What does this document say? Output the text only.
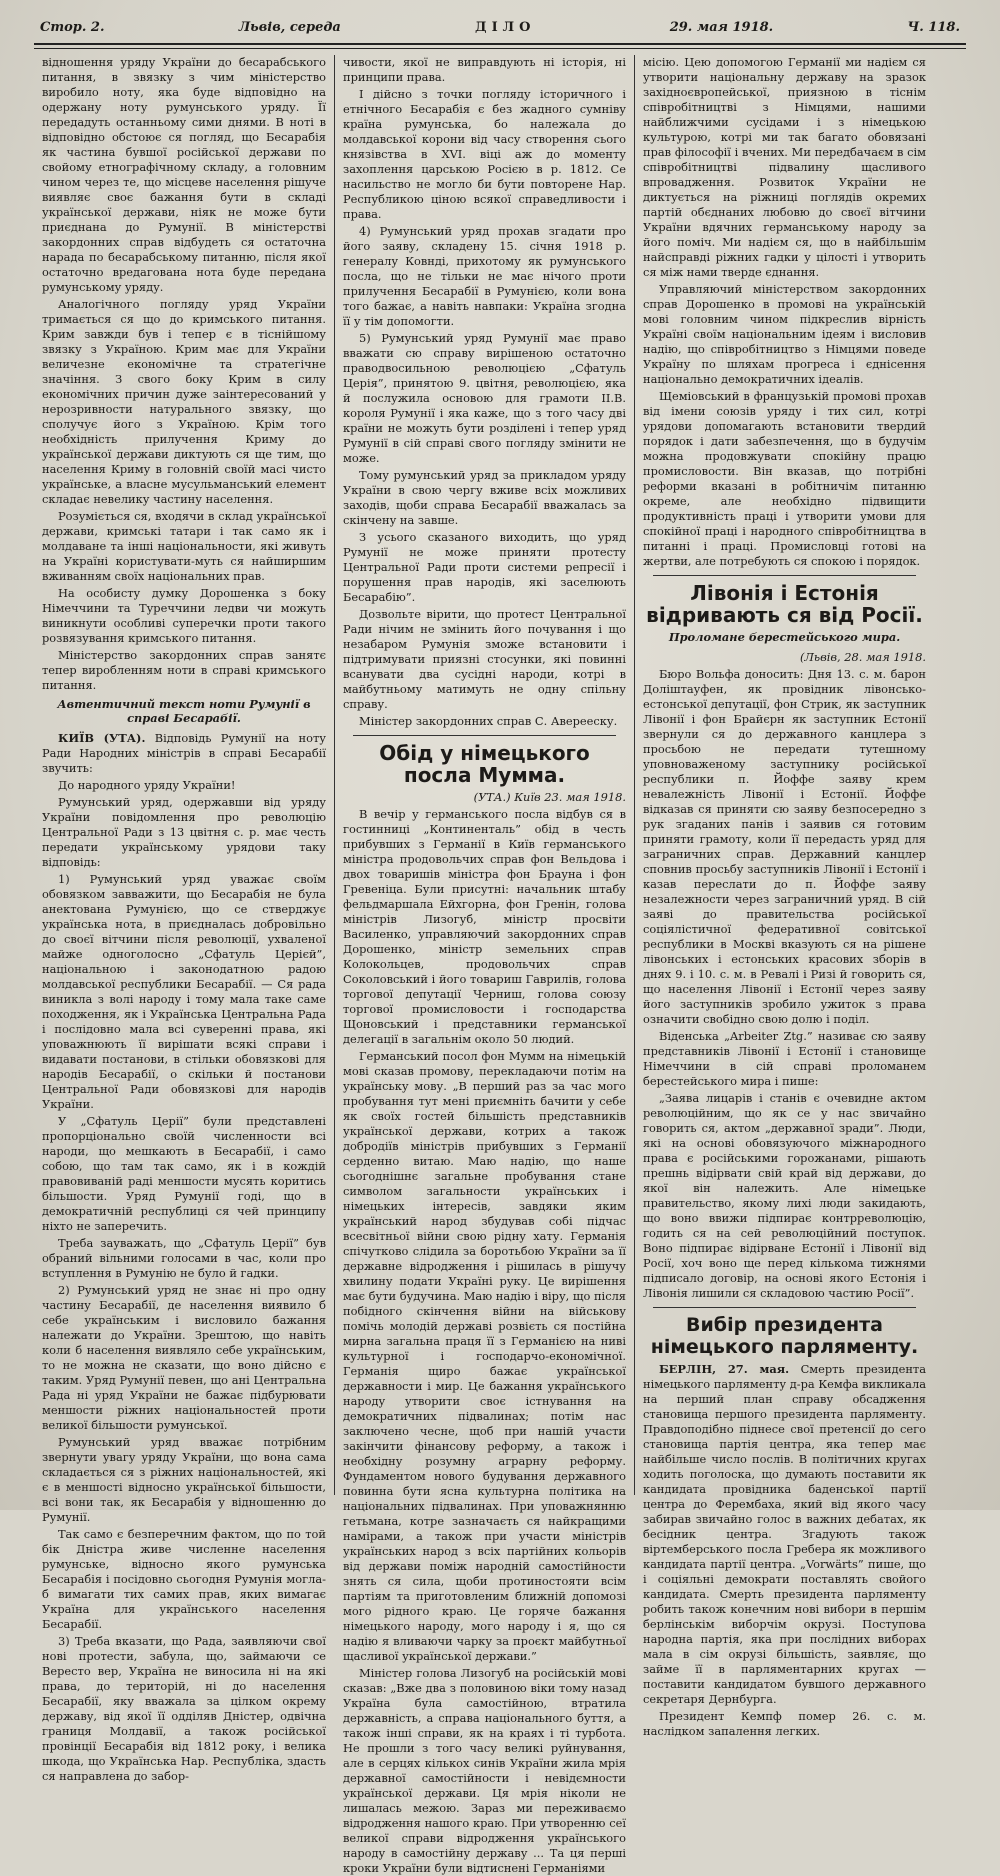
Стор. 2.	Львів, середа	ДІЛО	29. мая 1918.	Ч. 118.

відношення уряду України до бесарабського питання, в звязку з чим міністерство виробило ноту, яка буде відповідно на одержану ноту румунського уряду. Її передадуть останньому сими днями. В ноті в відповідно обстоює ся погляд, що Бесарабія як частина бувшої російської держави по свойому етнографічному складу, а головним чином через те, що місцеве населення рішуче виявляє своє бажання бути в складі української держави, ніяк не може бути приєднана до Румунії. В міністерстві закордонних справ відбудеть ся остаточна нарада по бесарабському питанню, після якої остаточно вредагована нота буде передана румунському уряду.

Аналогічного погляду уряд України тримається ся що до кримського питання. Крим завжди був і тепер є в тіснійшому звязку з Україною. Крим має для України величезне економічне та стратегічне значіння. З свого боку Крим в силу економічних причин дуже заінтересований у нерозривности натурального звязку, що сполучує його з Україною. Крім того необхідність прилучення Криму до української держави диктують ся ще тим, що населення Криму в головній своїй масі чисто українське, а власне мусульманський елемент складає невелику частину населення.

Розуміється ся, входячи в склад української держави, кримські татари і так само як і молдаване та інші національности, які живуть на Україні користувати-муть ся найширшим вживанням своїх національних прав.

На особисту думку Дорошенка з боку Німеччини та Туреччини ледви чи можуть виникнути особливі суперечки проти такого розвязування кримського питання.

Міністерство закордонних справ занятє тепер виробленням ноти в справі кримського питання.

Автентичний текст ноти Румунії в справі Бесарабії.

КИЇВ (УТА). Відповідь Румунії на ноту Ради Народних міністрів в справі Бесарабії звучить:

До народного уряду України!

Румунський уряд, одержавши від уряду України повідомлення про революцію Центральної Ради з 13 цвітня с. р. має честь передати українському урядови таку відповідь:

1) Румунський уряд уважає своїм обовязком завважити, що Бесарабія не була анектована Румунією, що се стверджує українська нота, в приєдналась добровільно до своєї вітчини після революції, ухваленої майже одноголосно „Сфатуль Церієй”, національною і законодатною радою молдавської республики Бесарабії. — Ся рада виникла з волі народу і тому мала таке саме походження, як і Українська Центральна Рада і послідовно мала всі суверенні права, які уповажнюють її вирішати всякі справи і видавати постанови, в стільки обовязкові для народів Бесарабії, о скільки й постанови Центральної Ради обовязкові для народів України.

У „Сфатуль Церії” були представлені пропорціонально своїй численности всі народи, що мешкають в Бесарабії, і само собою, що там так само, як і в кождій правовиваній раді меншости мусять коритись більшости. Уряд Румунії годі, що в демократичній республиці ся чей принципу ніхто не заперечить.

Треба зауважать, що „Сфатуль Церії” був обраний вільними голосами в час, коли про вступлення в Румунію не було й гадки.

2) Румунський уряд не знає ні про одну частину Бесарабії, де населення виявило б себе українським і висловило бажання належати до України. Зрештою, що навіть коли б населення виявляло себе українським, то не можна не сказати, що воно дійсно є таким. Уряд Румунії певен, що ані Центральна Рада ні уряд України не бажає підбурювати меншости ріжних національностей проти великої більшости румунської.

Румунський уряд вважає потрібним звернути увагу уряду України, що вона сама складається ся з ріжних національностей, які є в меншості відносно української більшости, всі вони так, як Бесарабія у відношенню до Румунії.

Так само є безперечним фактом, що по той бік Дністра живе численне населення румунське, відносно якого румунська Бесарабія і посідовно сьогодня Румунія могла-б вимагати тих самих прав, яких вимагає Україна для українського населення Бесарабії.

3) Треба вказати, що Рада, заявляючи свої нові протести, забула, що, займаючи се Вересто вер, Україна не виносила ні на які права, до територій, ні до населення Бесарабії, яку вважала за цілком окрему державу, від якої її одділяв Дністер, одвічна границя Молдавії, а також російської провінції Бесарабія від 1812 року, і велика шкода, що Українська Нар. Республіка, здасть ся направлена до забор-

чивости, якої не виправдують ні історія, ні принципи права.

І дійсно з точки погляду історичного і етнічного Бесарабія є без жадного сумніву країна румунська, бо належала до молдавської корони від часу створення сього князівства в XVI. віці аж до моменту захоплення царською Росією в р. 1812. Се насильство не могло би бути повторене Нар. Республикою ціною всякої справедливости і права.

4) Румунський уряд прохав згадати про його заяву, складену 15. січня 1918 р. генералу Ковнді, прихотому як румунського посла, що не тільки не має нічого проти прилучення Бесарабії в Румунією, коли вона того бажає, а навіть навпаки: Україна згодна її у тім допомогти.

5) Румунський уряд Румунії має право вважати сю справу вирішеною остаточно праводвосильною революцією „Сфатуль Церія”, принятою 9. цвітня, революцією, яка й послужила основою для грамоти ІІ.В. короля Румунії і яка каже, що з того часу дві країни не можуть бути розділені і тепер уряд Румунії в сій справі свого погляду змінити не може.

Тому румунський уряд за прикладом уряду України в свою чергу вживе всіх можливих заходів, щоби справа Бесарабії вважалась за скінчену на завше.

З усього сказаного виходить, що уряд Румунії не може приняти протесту Центральної Ради проти системи репресії і порушення прав народів, які заселюють Бесарабію”.

Дозвольте вірити, що протест Центральної Ради нічим не змінить його почування і що незабаром Румунія зможе встановити і підтримувати приязні стосунки, які повинні всанувати два сусідні народи, котрі в майбутньому матимуть не одну спільну справу.

Міністер закордонних справ С. Аверееску.

Обід у німецького посла Мумма.
(УТА.) Київ 23. мая 1918.

В вечір у германського посла відбув ся в гостинниці „Континенталь” обід в честь прибувших з Германії в Київ германського міністра продовольчих справ фон Вельдова і двох товаришів міністра фон Брауна і фон Гревеніца. Були присутні: начальник штабу фельдмаршала Ейхгорна, фон Гренін, голова міністрів Лизогуб, міністр просвіти Василенко, управляючий закордонних справ Дорошенко, міністр земельних справ Колокольцев, продовольчих справ Соколовський і його товариш Гаврилів, голова торгової депутації Черниш, голова союзу торгової промисловости і господарства Щоновський і представники германської делегації в загальнім около 50 людий.

Германський посол фон Мумм на німецькій мові сказав промову, перекладаючи потім на українську мову. „В перший раз за час мого пробування тут мені приємніть бачити у себе як своїх гостей більшість представників української держави, котрих а також добродіїв міністрів прибувших з Германії серденно витаю. Маю надію, що наше сьогоднішнє загальне пробування стане символом загальности українських і німецьких інтересів, завдяки яким український народ збудував собі підчас всесвітньої війни свою рідну хату. Германія спічутково слідила за боротьбою України за її державне відродження і рішилась в рішучу хвилину подати Україні руку. Це вирішення має бути будучина. Маю надію і віру, що після побідного скінчення війни на військову помічь молодій державі розвієть ся постійна мирна загальна праця її з Германією на ниві культурної і господарчо-економічної. Германія щиро бажає української державности і мир. Це бажання українського народу утворити своє істнування на демократичних підвалинах; потім нас заключено чесне, щоб при нашій участи закінчити фінансову реформу, а також і необхідну розумну аграрну реформу. Фундаментом нового будування державного повинна бути ясна культурна політика на національних підвалинах. При уповажнянню гетьмана, котре зазначаєть ся найкращими намірами, а також при участи міністрів українських народ з всіх партійних кольорів від держави поміж народній самостійности знять ся сила, щоби протиностояти всім партіям та приготовленим ближній допомозі мого рідного краю. Це горяче бажання німецького народу, мого народу і я, що ся надію я вливаючи чарку за проєкт майбутньої щасливої української держави.”

Міністер голова Лизогуб на російській мові сказав: „Вже два з половиною віки тому назад Україна була самостійною, втратила державність, а справа національного буття, а також інші справи, як на краях і ті турбота. Не прошли з того часу великі руйнування, але в серцях кількох синів України жила мрія державної самостійности і невідємности української держави. Ця мрія ніколи не лишалась межою. Зараз ми переживаємо відродження нашого краю. При утворенню сеї великої справи відродження українського народу в самостійну державу ... Та ця перші кроки України були відтиснені Германіями

місію. Цею допомогою Германії ми надієм ся утворити національну державу на зразок західноєвропейської, приязною в тіснім співробітництві з Німцями, нашими найближчими сусідами і з німецькою культурою, котрі ми так багато обовязані прав філософії і вчених. Ми передбачаєм в сім співробітництві підвалину щасливого впровадження. Розвиток України не диктується на ріжниці поглядів окремих партій обєднаних любовю до своєї вітчини України вдячних германському народу за його поміч. Ми надієм ся, що в найбільшім найсправді ріжних гадки у цілості і утворить ся між нами тверде єднання.

Управляючий міністерством закордонних справ Дорошенко в промові на українській мові головним чином підкреслив вірність Україні своїм національним ідеям і висловив надію, що співробітництво з Німцями поведе Україну по шляхам прогреса і єднісення національно демократичних ідеалів.

Щеміовський в французькій промові прохав від імени союзів уряду і тих сил, котрі урядови допомагають встановити твердий порядок і дати забезпечення, що в будучім можна продовжувати спокійну працю промисловости. Він вказав, що потрібні реформи вказані в робітничім питанню окреме, але необхідно підвищити продуктивність праці і утворити умови для спокійної праці і народного співробітництва в питанні і праці. Промисловці готові на жертви, але потребують ся спокою і порядок.

Лівонія і Естонія відривають ся від Росії.
Проломане берестейського мира.
(Львів, 28. мая 1918.

Бюро Вольфа доносить: Дня 13. с. м. барон Доліштауфен, як провідник лівонсько-естонської депутації, фон Стрик, як заступник Лівонії і фон Брайєрн як заступник Естонії звернули ся до державного канцлера з просьбою не передати тутешному уповноваженому заступнику російської республики п. Йоффе заяву крем невалежність Лівонії і Естонії. Йоффе відказав ся приняти сю заяву безпосередно з рук згаданих панів і заявив ся готовим приняти грамоту, коли її передасть уряд для заграничних справ. Державний канцлер сповнив просьбу заступників Лівонії і Естонії і казав переслати до п. Йоффе заяву незалежности через заграничний уряд. В сій заяві до правительства російської соціялістичної федеративної совітської республики в Москві вказують ся на рішене лівонських і естонських красових зборів в днях 9. і 10. с. м. в Ревалі і Ризі й говорить ся, що населення Лівонії і Естонії через заяву його заступників зробило ужиток з права означити свобідно свою долю і поділ.

Віденська „Arbeiter Ztg.” називає сю заяву представників Лівонії і Естонії і становище Німеччини в сій справі проломанем берестейського мира і пише:

„Заява лицарів і станів є очевидне актом революційним, що як се у нас звичайно говорить ся, актом „державної зради”. Люди, які на основі обовязуючого міжнародного права є російськими горожанами, рішають прешнь відірвати свій край від держави, до якої він належить. Але німецьке правительство, якому лихі люди закидають, що воно ввижи підпирає контрреволюцію, годить ся на сей революційний поступок. Воно підпирає відірване Естонії і Лівонії від Росії, хоч воно ще перед кількома тижнями підписало договір, на основі якого Естонія і Лівонія лишили ся складовою частию Росії”.

Вибір президента німецького парляменту.

БЕРЛІН, 27. мая. Смерть президента німецького парляменту д-ра Кемфа викликала на перший план справу обсадження становища першого президента парляменту. Правдоподібно піднесе свої претенсії до сего становища партія центра, яка тепер має найбільше число послів. В політичних кругах ходить поголоска, що думають поставити як кандидата провідника баденської партії центра до Ферембаха, який від якого часу забирав звичайно голос в важних дебатах, як бесідник центра. Згадують також віртемберського посла Гребера як можливого кандидата партії центра. „Vorwärts” пише, що і соціяльні демократи поставлять свойого кандидата. Смерть президента парляменту робить також конечним нові вибори в першім берлінськім виборчім окрузі. Поступова народна партія, яка при послідних виборах мала в сім окрузі більшість, заявляє, що займе її в парляментарних кругах — поставити кандидатом бувшого державного секретаря Дернбурга.

Президент Кемпф помер 26. с. м. наслідком запалення легких.
